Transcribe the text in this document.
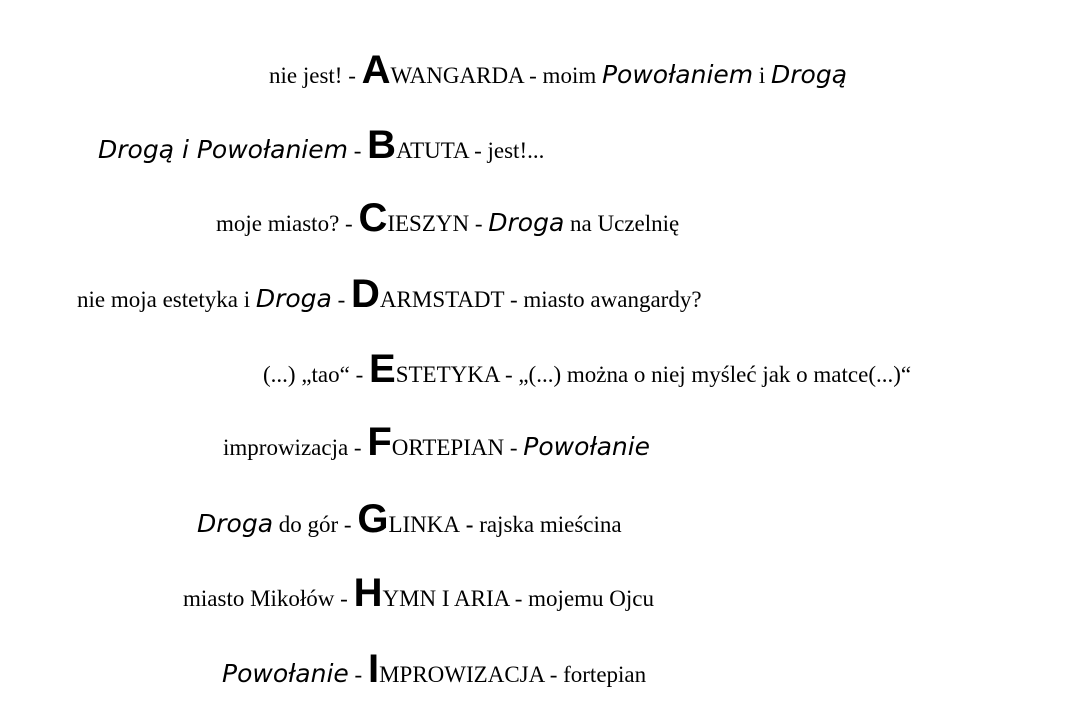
nie jest! - AWANGARDA - moim Powołaniem i Drogą
Drogą i Powołaniem - BATUTA - jest!...
moje miasto? - CIESZYN - Droga na Uczelnię
nie moja estetyka i Droga - DARMSTADT - miasto awangardy?
(...) „tao“ - ESTETYKA - „(...) można o niej myśleć jak o matce(...)“
improwizacja - FORTEPIAN - Powołanie
Droga do gór - GLINKA - rajska mieścina
miasto Mikołów - HYMN I ARIA - mojemu Ojcu
Powołanie - IMPROWIZACJA - fortepian
